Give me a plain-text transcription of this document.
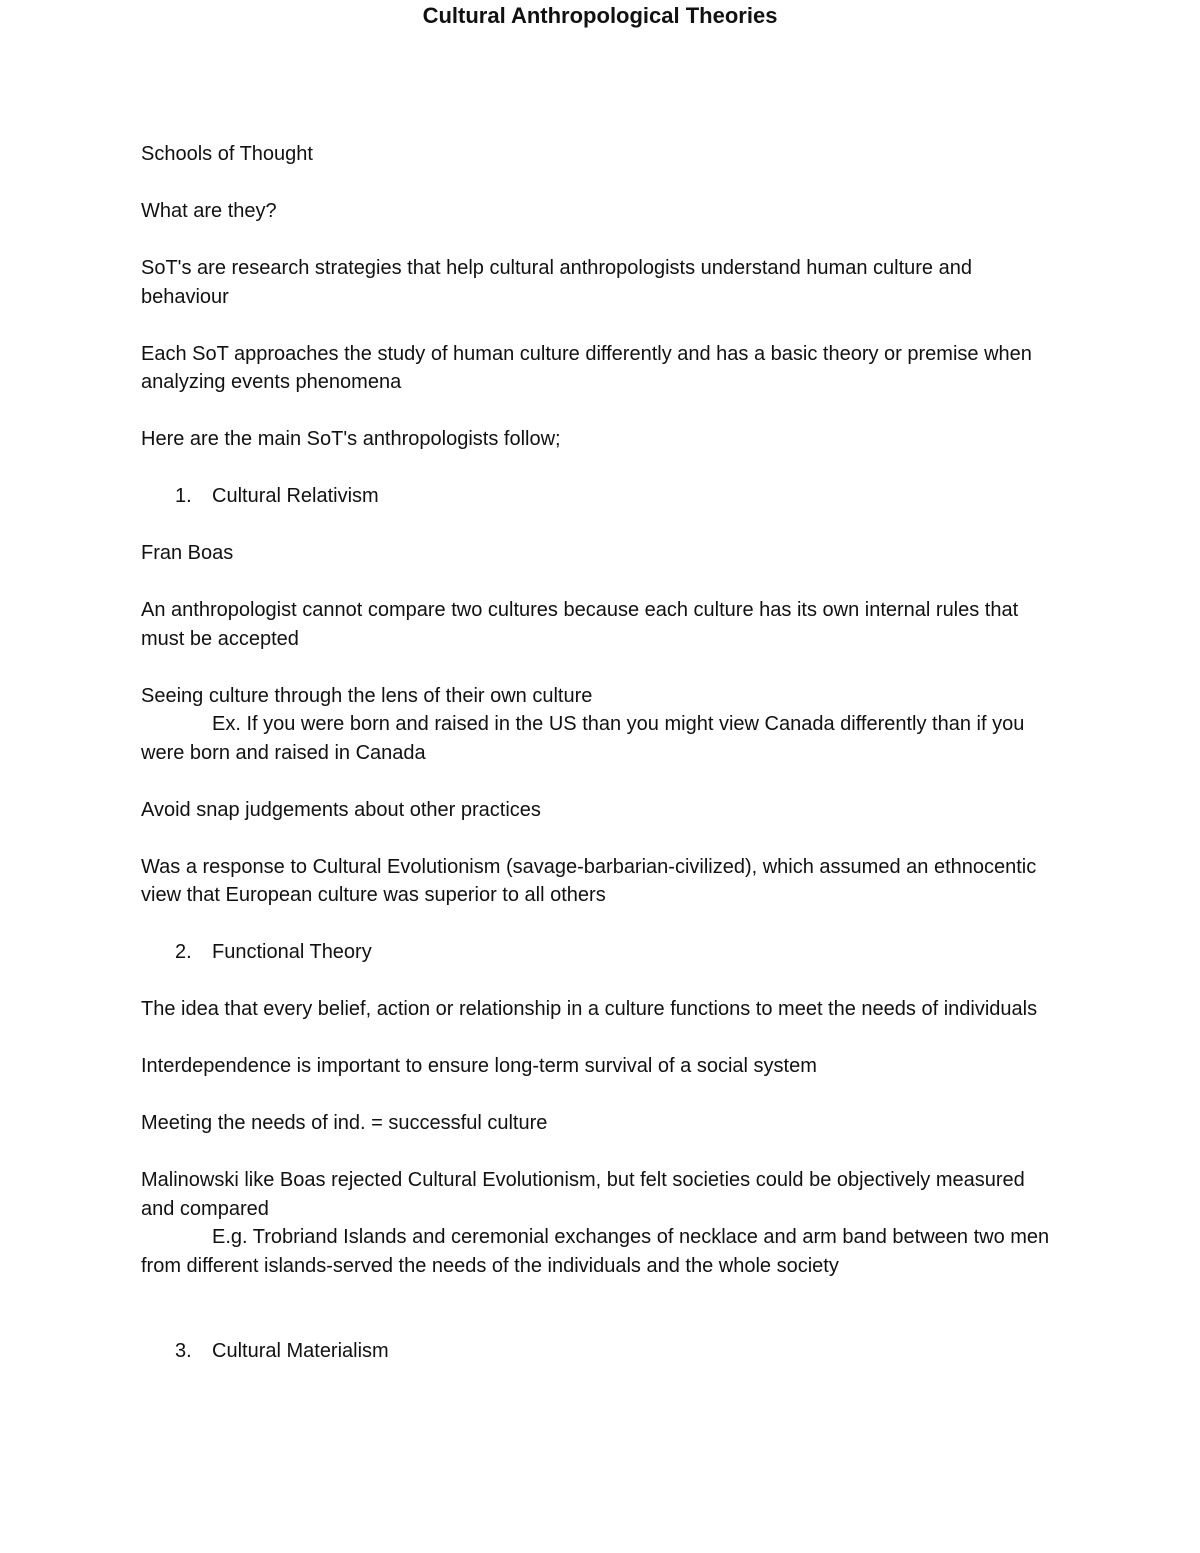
Cultural Anthropological Theories

Schools of Thought

What are they?

SoT's are research strategies that help cultural anthropologists understand human culture and behaviour

Each SoT approaches the study of human culture differently and has a basic theory or premise when analyzing events phenomena

Here are the main SoT's anthropologists follow;

1. Cultural Relativism

Fran Boas

An anthropologist cannot compare two cultures because each culture has its own internal rules that must be accepted

Seeing culture through the lens of their own culture
Ex. If you were born and raised in the US than you might view Canada differently than if you were born and raised in Canada

Avoid snap judgements about other practices

Was a response to Cultural Evolutionism (savage-barbarian-civilized), which assumed an ethnocentic view that European culture was superior to all others

2. Functional Theory

The idea that every belief, action or relationship in a culture functions to meet the needs of individuals

Interdependence is important to ensure long-term survival of a social system

Meeting the needs of ind. = successful culture

Malinowski like Boas rejected Cultural Evolutionism, but felt societies could be objectively measured and compared
E.g. Trobriand Islands and ceremonial exchanges of necklace and arm band between two men from different islands-served the needs of the individuals and the whole society
3. Cultural Materialism
